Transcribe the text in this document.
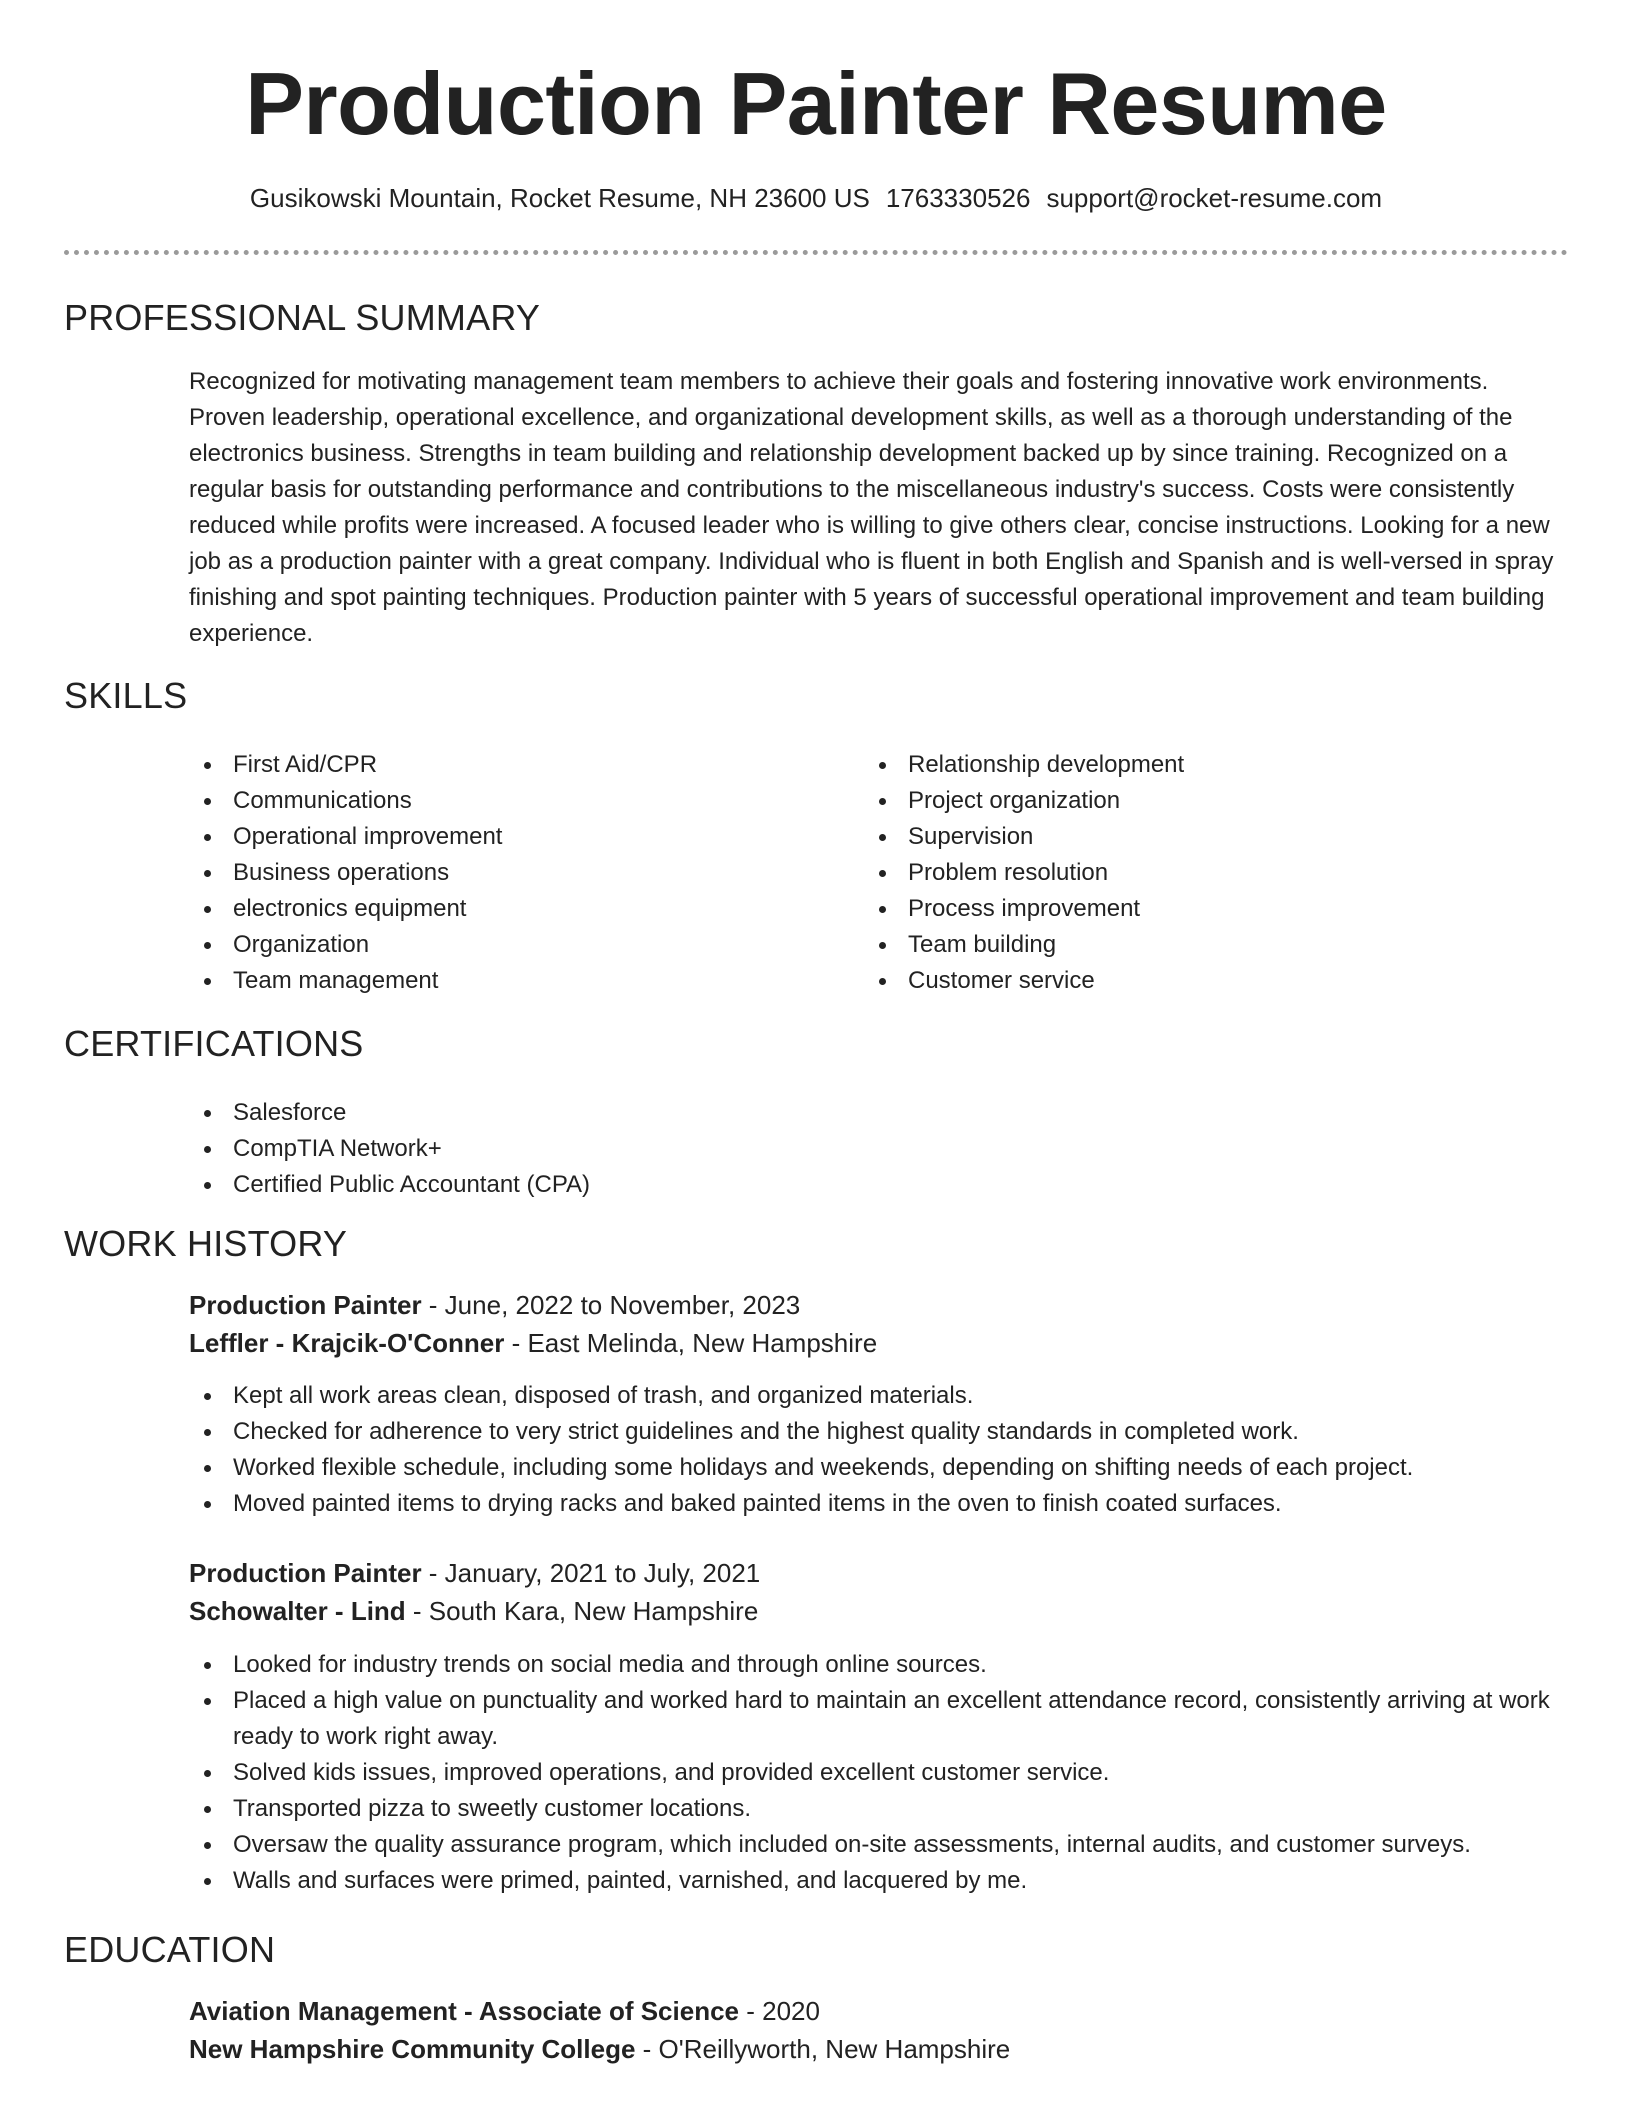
Production Painter Resume
Gusikowski Mountain, Rocket Resume, NH 23600 US 1763330526 support@rocket-resume.com
PROFESSIONAL SUMMARY

Recognized for motivating management team members to achieve their goals and fostering innovative work environments. Proven leadership, operational excellence, and organizational development skills, as well as a thorough understanding of the electronics business. Strengths in team building and relationship development backed up by since training. Recognized on a regular basis for outstanding performance and contributions to the miscellaneous industry's success. Costs were consistently reduced while profits were increased. A focused leader who is willing to give others clear, concise instructions. Looking for a new job as a production painter with a great company. Individual who is fluent in both English and Spanish and is well-versed in spray finishing and spot painting techniques. Production painter with 5 years of successful operational improvement and team building experience.

SKILLS
First Aid/CPR
Communications
Operational improvement
Business operations
electronics equipment
Organization
Team management
Relationship development
Project organization
Supervision
Problem resolution
Process improvement
Team building
Customer service
CERTIFICATIONS
Salesforce
CompTIA Network+
Certified Public Accountant (CPA)
WORK HISTORY
Production Painter - June, 2022 to November, 2023
Leffler - Krajcik-O'Conner - East Melinda, New Hampshire
Kept all work areas clean, disposed of trash, and organized materials.
Checked for adherence to very strict guidelines and the highest quality standards in completed work.
Worked flexible schedule, including some holidays and weekends, depending on shifting needs of each project.
Moved painted items to drying racks and baked painted items in the oven to finish coated surfaces.
Production Painter - January, 2021 to July, 2021
Schowalter - Lind - South Kara, New Hampshire
Looked for industry trends on social media and through online sources.
Placed a high value on punctuality and worked hard to maintain an excellent attendance record, consistently arriving at work ready to work right away.
Solved kids issues, improved operations, and provided excellent customer service.
Transported pizza to sweetly customer locations.
Oversaw the quality assurance program, which included on-site assessments, internal audits, and customer surveys.
Walls and surfaces were primed, painted, varnished, and lacquered by me.
EDUCATION
Aviation Management - Associate of Science - 2020
New Hampshire Community College - O'Reillyworth, New Hampshire
